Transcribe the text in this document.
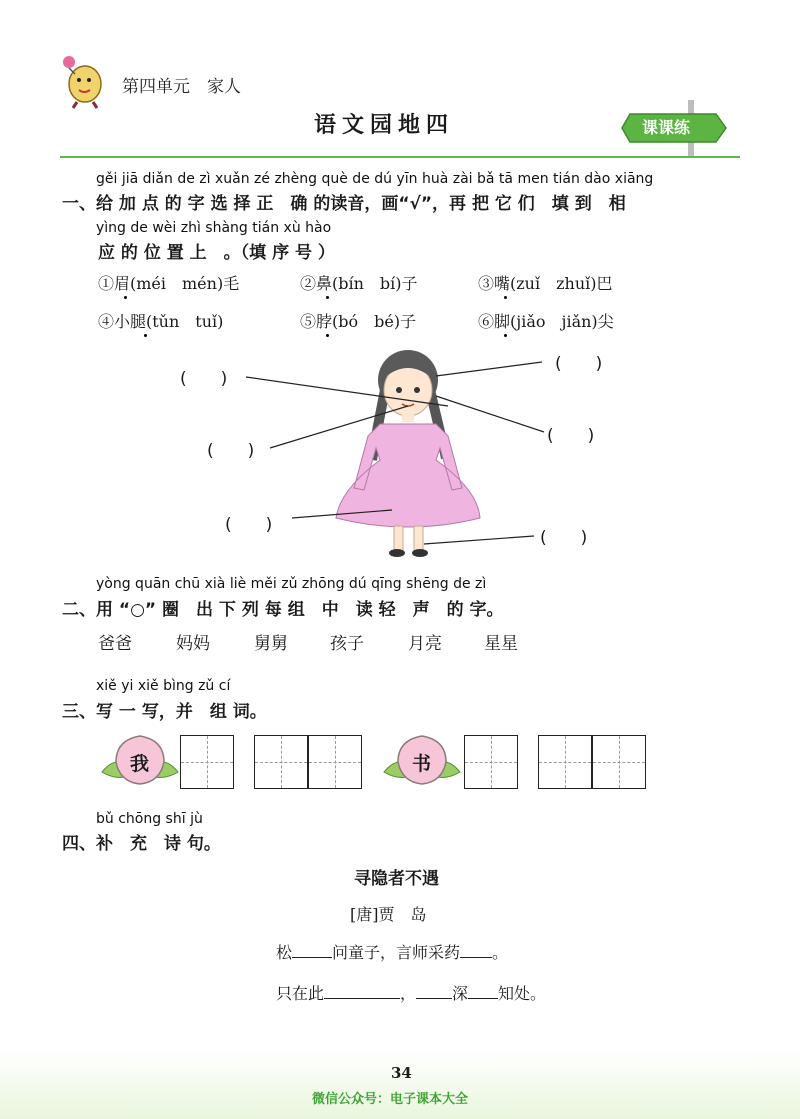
第四单元　家人
语文园地四	课课练
gěi jiā diǎn de zì xuǎn zé zhèng què de dú yīn huà zài bǎ tā men tián dào xiāng
一、给 加 点 的 字 选 择 正　确 的读音，画“√”，再 把 它 们　填 到　相
yìng de wèi zhì shàng tián xù hào
应 的 位 置 上　。（填 序 号 ）
①眉(méi　mén)毛	②鼻(bín　bí)子	③嘴(zuǐ　zhuǐ)巴
④小腿(tǔn　tuǐ)	⑤脖(bó　bé)子	⑥脚(jiǎo　jiǎn)尖
(　　)
(　　)
(　　)
(　　)
(　　)
(　　)
yòng quān chū xià liè měi zǔ zhōng dú qīng shēng de zì
二、用 “○” 圈　出 下 列 每 组　中　读 轻　声　的 字。
爸爸	妈妈	舅舅 孩子	月亮 星星
xiě yi xiě bìng zǔ cí
三、写 一 写，并　组 词。
我	书
bǔ chōng shī jù
四、补　充　诗 句。
寻隐者不遇
[唐]贾　岛
松	问童子，言师采药 。
只在此	， 深 知处。
34
微信公众号：电子课本大全
